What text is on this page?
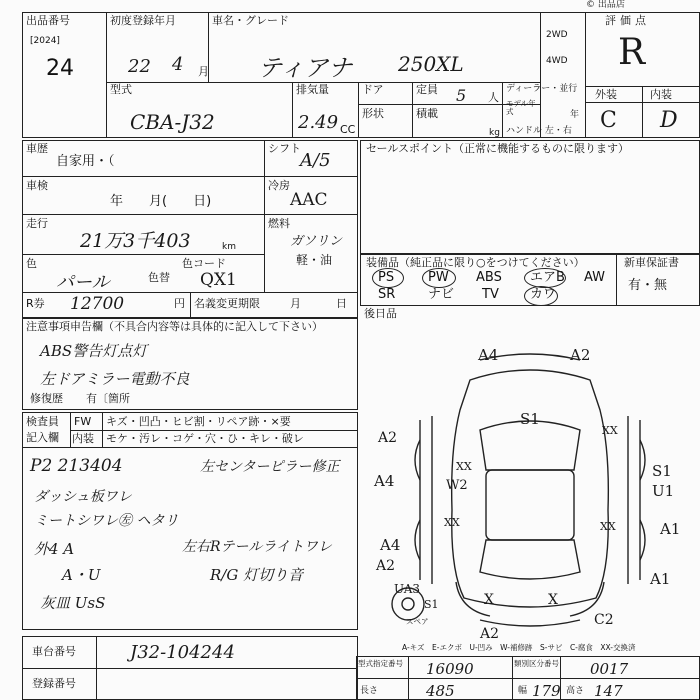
出品番号
[2024]
24
初度登録年月
22 4 月
車名・グレード
ティアナ 250XL
2WD
4WD
評価点
R
外装	内装
C D
© 出品店
型式
CBA-J32
排気量
2.49 CC
ドア	定員 5 人
ディーラー・並行
形状	積載
kg
モデル年式	年
ハンドル 左・右
車歴
自家用・（
シフト
A/5
車検
年　　月(　　日)
冷房
AAC
走行
21万3千403	km
燃料
ガソリン
軽・油
色
パール	色替
色コード
QX1
R券 12700	円 名義変更期限	月	日
セールスポイント（正常に機能するものに限ります）
装備品（純正品に限り○をつけてください）
PS	PW ABS エアB AW
SR	ナビ TV カワ
新車保証書
有・無
後日品
注意事項申告欄（不具合内容等は具体的に記入して下さい）
ABS警告灯点灯
左ドアミラー電動不良
修復歴 有〔箇所
検査員
記入欄
FW キズ・凹凸・ヒビ割・リペア跡・×要
内装 モケ・汚レ・コゲ・穴・ひ・キレ・破レ
P2 213404
ダッシュ板ワレ
ミートシワレ㊧ ヘタリ
外4 A
A・U
灰皿 UsS
左センターピラー修正
左右Rテールライトワレ
R/G 灯切り音
A4	A2
S1
A2	XX
A4
XX
W2
XX
S1
U1
XX	A1
A4
A2
A1
UA3
S1	X	X
C2
A2
スペア
A-キズ　E-エクボ　U-凹み　W-補修跡　S-サビ　C-腐食　XX-交換済
車台番号	J32-104244
登録番号
型式指定番号 16090	類別区分番号 0017
長さ	485	幅 179 高さ 147
